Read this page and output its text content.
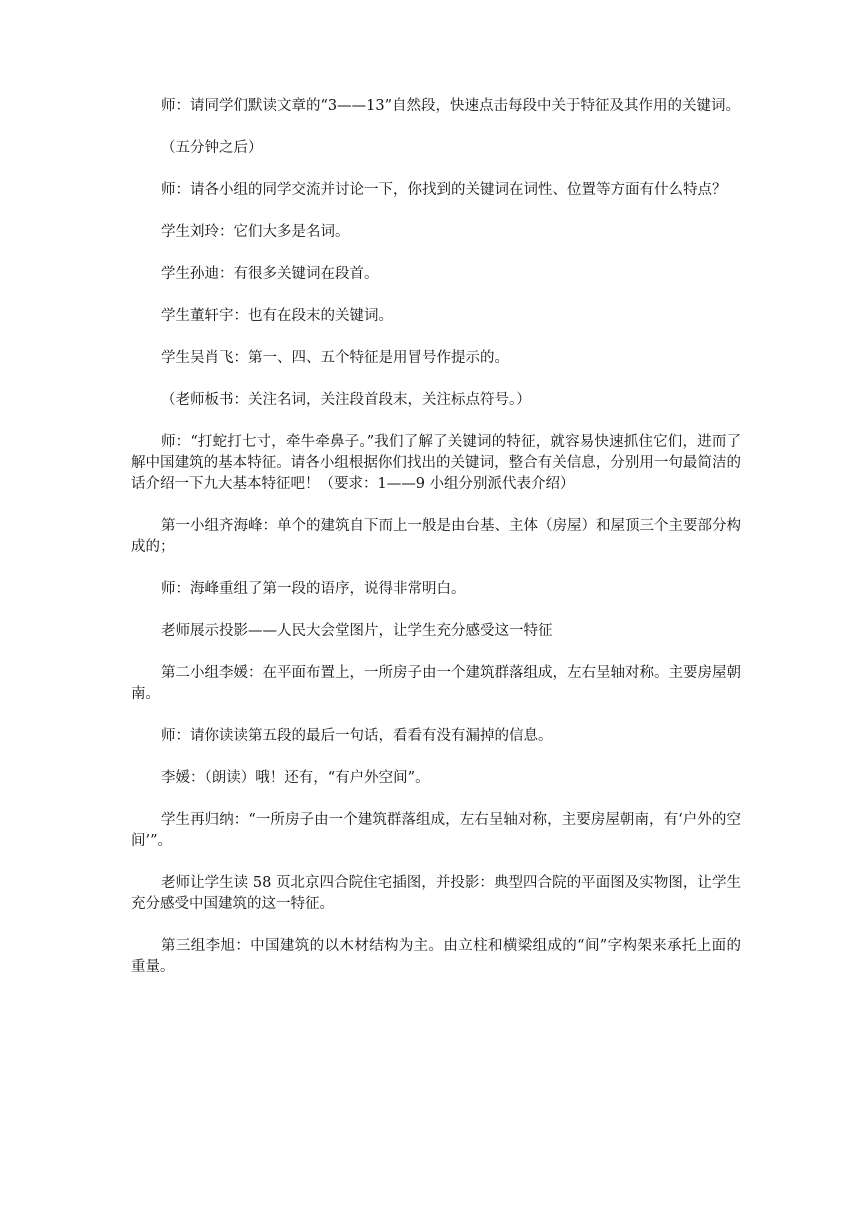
师：请同学们默读文章的“3——13”自然段，快速点击每段中关于特征及其作用的关键词。

（五分钟之后）

师：请各小组的同学交流并讨论一下，你找到的关键词在词性、位置等方面有什么特点？

学生刘玲：它们大多是名词。

学生孙迪：有很多关键词在段首。

学生董轩宇：也有在段末的关键词。

学生吴肖飞：第一、四、五个特征是用冒号作提示的。

（老师板书：关注名词，关注段首段末，关注标点符号。）

师：“打蛇打七寸，牵牛牵鼻子。”我们了解了关键词的特征，就容易快速抓住它们，进而了解中国建筑的基本特征。请各小组根据你们找出的关键词，整合有关信息，分别用一句最简洁的话介绍一下九大基本特征吧！（要求：1——9 小组分别派代表介绍）

第一小组齐海峰：单个的建筑自下而上一般是由台基、主体（房屋）和屋顶三个主要部分构成的；

师：海峰重组了第一段的语序，说得非常明白。

老师展示投影——人民大会堂图片，让学生充分感受这一特征

第二小组李媛：在平面布置上，一所房子由一个建筑群落组成，左右呈轴对称。主要房屋朝南。

师：请你读读第五段的最后一句话，看看有没有漏掉的信息。

李媛：（朗读）哦！还有，“有户外空间”。

学生再归纳：“一所房子由一个建筑群落组成，左右呈轴对称，主要房屋朝南，有‘户外的空间’”。

老师让学生读 58 页北京四合院住宅插图，并投影：典型四合院的平面图及实物图，让学生充分感受中国建筑的这一特征。

第三组李旭：中国建筑的以木材结构为主。由立柱和横梁组成的“间”字构架来承托上面的重量。
